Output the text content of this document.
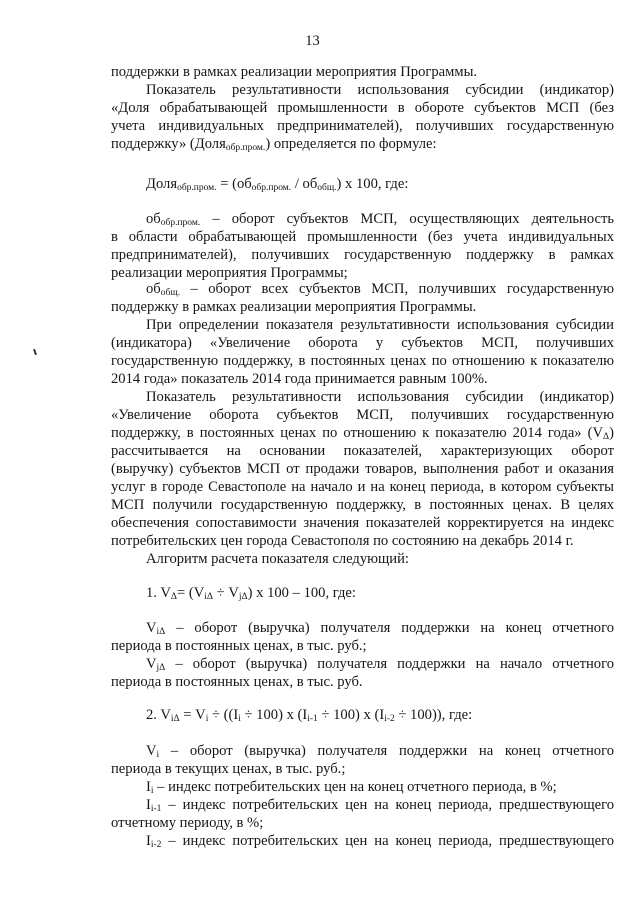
13
поддержки в рамках реализации мероприятия Программы.
Показатель результативности использования субсидии (индикатор)
«Доля обрабатывающей промышленности в обороте субъектов МСП (без
учета индивидуальных предпринимателей), получивших государственную
поддержку» (Доля$_{обр.пром.}$) определяется по формуле:
Доля$_{обр.пром.}$ = $(об_{обр.пром.} / об_{общ.})$ х 100, где:
$об_{обр.пром.}$ – оборот субъектов МСП, осуществляющих деятельность
в области обрабатывающей промышленности (без учета индивидуальных
предпринимателей), получивших государственную поддержку в рамках
реализации мероприятия Программы;
$об_{общ.}$ – оборот всех субъектов МСП, получивших государственную
поддержку в рамках реализации мероприятия Программы.
При определении показателя результативности использования субсидии
(индикатора) «Увеличение оборота у субъектов МСП, получивших
государственную поддержку, в постоянных ценах по отношению к показателю
2014 года» показатель 2014 года принимается равным 100%.
Показатель результативности использования субсидии (индикатор)
«Увеличение оборота субъектов МСП, получивших государственную
поддержку, в постоянных ценах по отношению к показателю 2014 года» $(V_\Delta)$
рассчитывается на основании показателей, характеризующих оборот
(выручку) субъектов МСП от продажи товаров, выполнения работ и оказания
услуг в городе Севастополе на начало и на конец периода, в котором субъекты
МСП получили государственную поддержку, в постоянных ценах. В целях
обеспечения сопоставимости значения показателей корректируется на индекс
потребительских цен города Севастополя по состоянию на декабрь 2014 г.
Алгоритм расчета показателя следующий:
1. $V_\Delta= (V_{i\Delta} \div V_{j\Delta})$ х 100 – 100, где:
$V_{i\Delta}$ – оборот (выручка) получателя поддержки на конец отчетного
периода в постоянных ценах, в тыс. руб.;
$V_{j\Delta}$ – оборот (выручка) получателя поддержки на начало отчетного
периода в постоянных ценах, в тыс. руб.
2. $V_{i\Delta} = V_i \div ((I_i \div 100)$ х $(I_{i-1} \div 100)$ х $(I_{i-2} \div 100)$), где:
$V_i$ – оборот (выручка) получателя поддержки на конец отчетного
периода в текущих ценах, в тыс. руб.;
$I_i$ – индекс потребительских цен на конец отчетного периода, в %;
$I_{i-1}$ – индекс потребительских цен на конец периода, предшествующего
отчетному периоду, в %;
$I_{i-2}$ – индекс потребительских цен на конец периода, предшествующего
